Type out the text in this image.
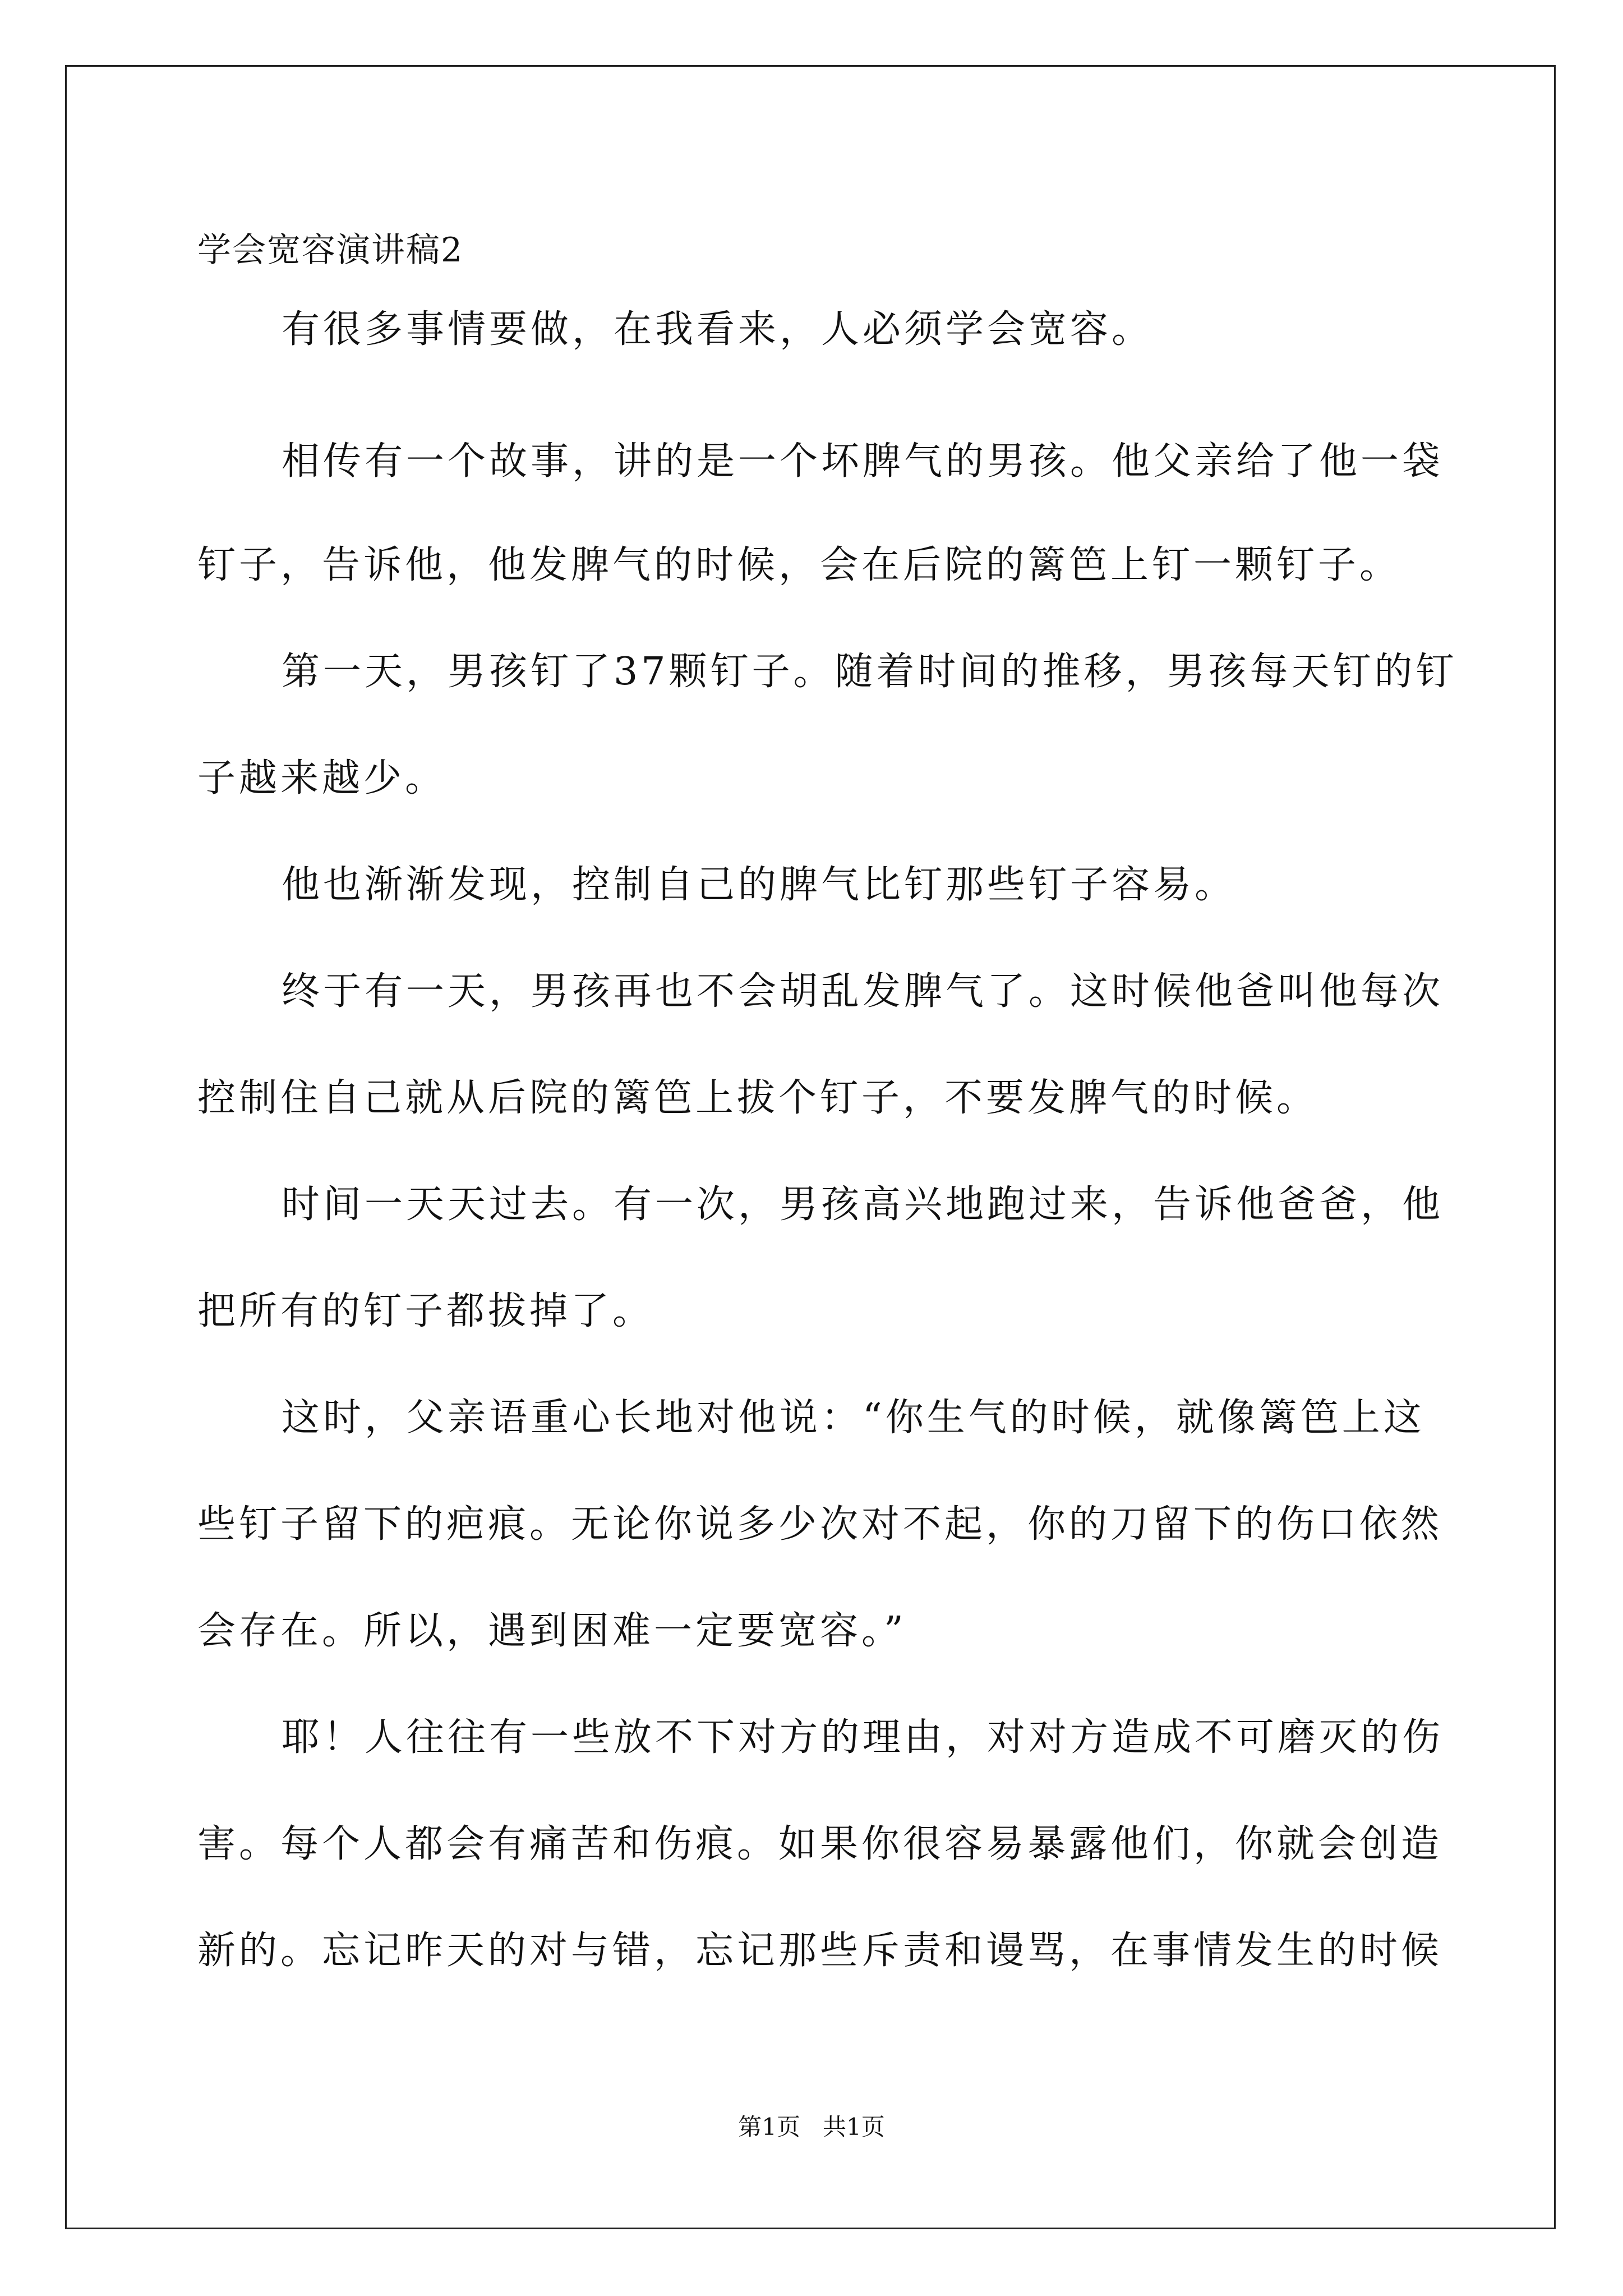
学会宽容演讲稿2
有很多事情要做，在我看来，人必须学会宽容。
相传有一个故事，讲的是一个坏脾气的男孩。他父亲给了他一袋
钉子，告诉他，他发脾气的时候，会在后院的篱笆上钉一颗钉子。
第一天，男孩钉了37颗钉子。随着时间的推移，男孩每天钉的钉
子越来越少。
他也渐渐发现，控制自己的脾气比钉那些钉子容易。
终于有一天，男孩再也不会胡乱发脾气了。这时候他爸叫他每次
控制住自己就从后院的篱笆上拔个钉子，不要发脾气的时候。
时间一天天过去。有一次，男孩高兴地跑过来，告诉他爸爸，他
把所有的钉子都拔掉了。
这时，父亲语重心长地对他说：“你生气的时候，就像篱笆上这
些钉子留下的疤痕。无论你说多少次对不起，你的刀留下的伤口依然
会存在。所以，遇到困难一定要宽容。”
耶！人往往有一些放不下对方的理由，对对方造成不可磨灭的伤
害。每个人都会有痛苦和伤痕。如果你很容易暴露他们，你就会创造
新的。忘记昨天的对与错，忘记那些斥责和谩骂，在事情发生的时候
第1页   共1页
